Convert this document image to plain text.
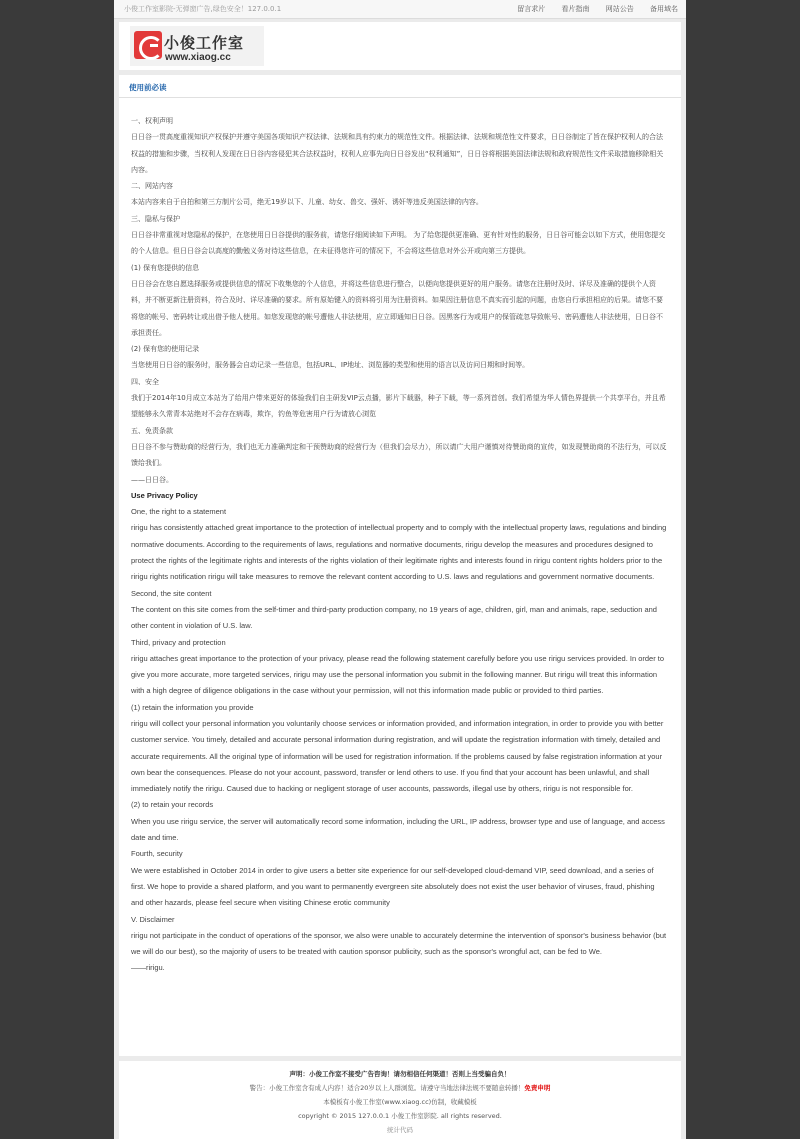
小俊工作室影院-无弹窗广告,绿色安全！127.0.0.1	留言求片 看片指南 网站公告 备用域名
小俊工作室
www.xiaog.cc
使用前必读

一、权利声明

日日谷一贯高度重视知识产权保护并遵守美国各项知识产权法律、法规和具有约束力的规范性文件。根据法律、法规和规范性文件要求，日日谷制定了旨在保护权利人的合法权益的措施和步骤，当权利人发现在日日谷内容侵犯其合法权益时，权利人应事先向日日谷发出“权利通知”，日日谷将根据美国法律法规和政府规范性文件采取措施移除相关内容。

二、网站内容

本站内容来自于自拍和第三方制片公司，绝无19岁以下、儿童、幼女、兽交、强奸、诱奸等违反美国法律的内容。

三、隐私与保护

日日谷非常重视对您隐私的保护，在您使用日日谷提供的服务前，请您仔细阅读如下声明。 为了给您提供更准确、更有针对性的服务，日日谷可能会以如下方式，使用您提交的个人信息。但日日谷会以高度的勤勉义务对待这些信息，在未征得您许可的情况下，不会将这些信息对外公开或向第三方提供。

(1) 保有您提供的信息

日日谷会在您自愿选择服务或提供信息的情况下收集您的个人信息，并将这些信息进行整合，以便向您提供更好的用户服务。请您在注册时及时、详尽及准确的提供个人资料，并不断更新注册资料，符合及时、详尽准确的要求。所有原始键入的资料将引用为注册资料。如果因注册信息不真实而引起的问题，由您自行承担相应的后果。请您不要将您的帐号、密码转让或出借予他人使用。如您发现您的帐号遭他人非法使用，应立即通知日日谷。因黑客行为或用户的保管疏忽导致帐号、密码遭他人非法使用，日日谷不承担责任。

(2) 保有您的使用记录

当您使用日日谷的服务时，服务器会自动记录一些信息，包括URL、IP地址、浏览器的类型和使用的语言以及访问日期和时间等。

四、安全

我们于2014年10月成立本站为了给用户带来更好的体验我们自主研发VIP云点播，影片下载器，种子下载，等一系列首创。我们希望为华人情色界提供一个共享平台，并且希望能够永久常青本站绝对不会存在病毒，欺诈，钓鱼等危害用户行为请放心浏览

五、免责条款

日日谷不参与赞助商的经营行为，我们也无力准确判定和干预赞助商的经营行为（但我们会尽力），所以请广大用户谨慎对待赞助商的宣传，如发现赞助商的不法行为，可以反馈给我们。

——日日谷。

Use Privacy Policy

One, the right to a statement

ririgu has consistently attached great importance to the protection of intellectual property and to comply with the intellectual property laws, regulations and binding normative documents. According to the requirements of laws, regulations and normative documents, ririgu develop the measures and procedures designed to protect the rights of the legitimate rights and interests of the rights violation of their legitimate rights and interests found in ririgu content rights holders prior to the ririgu rights notification ririgu will take measures to remove the relevant content according to U.S. laws and regulations and government normative documents.

Second, the site content

The content on this site comes from the self-timer and third-party production company, no 19 years of age, children, girl, man and animals, rape, seduction and other content in violation of U.S. law.

Third, privacy and protection

ririgu attaches great importance to the protection of your privacy, please read the following statement carefully before you use ririgu services provided. In order to give you more accurate, more targeted services, ririgu may use the personal information you submit in the following manner. But ririgu will treat this information with a high degree of diligence obligations in the case without your permission, will not this information made public or provided to third parties.

(1) retain the information you provide

ririgu will collect your personal information you voluntarily choose services or information provided, and information integration, in order to provide you with better customer service. You timely, detailed and accurate personal information during registration, and will update the registration information with timely, detailed and accurate requirements. All the original type of information will be used for registration information. If the problems caused by false registration information at your own bear the consequences. Please do not your account, password, transfer or lend others to use. If you find that your account has been unlawful, and shall immediately notify the ririgu. Caused due to hacking or negligent storage of user accounts, passwords, illegal use by others, ririgu is not responsible for.

(2) to retain your records

When you use ririgu service, the server will automatically record some information, including the URL, IP address, browser type and use of language, and access date and time.

Fourth, security

We were established in October 2014 in order to give users a better site experience for our self-developed cloud-demand VIP, seed download, and a series of first. We hope to provide a shared platform, and you want to permanently evergreen site absolutely does not exist the user behavior of viruses, fraud, phishing and other hazards, please feel secure when visiting Chinese erotic community

V. Disclaimer

ririgu not participate in the conduct of operations of the sponsor, we also were unable to accurately determine the intervention of sponsor's business behavior (but we will do our best), so the majority of users to be treated with caution sponsor publicity, such as the sponsor's wrongful act, can be fed to We.

——ririgu.

声明：小俊工作室不接受广告咨询！请勿相信任何渠道！否则上当受骗自负！
警告：小俊工作室含有成人内容！适合20岁以上人群浏览。请遵守当地法律法规不要随意转播！免责申明
本模板有小俊工作室(www.xiaog.cc)仿制，收藏模板
copyright © 2015 127.0.0.1 小俊工作室影院. all rights reserved.
统计代码
